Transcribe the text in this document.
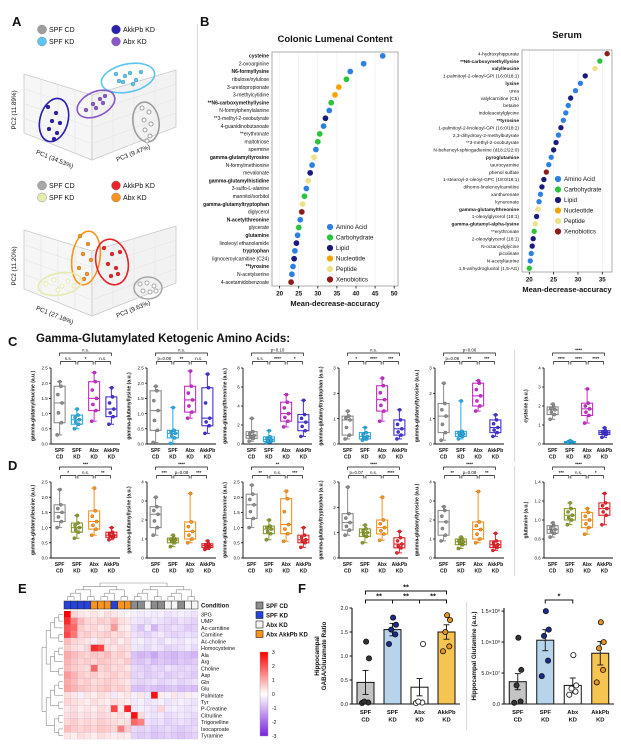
A	B
C
D
E	F
Gamma-Glutamylated Ketogenic Amino Acids:
SPF CD
SPF KD
AkkPb KD
Abx KD
PC2 (11.89%)
PC1 (34.53%)	PC3 (9.47%)
SPF CD
SPF KD
AkkPb KD
Abx KD
PC2 (11.20%)
PC1 (27.18%)	PC3 (9.63%)
Colonic Lumenal Content
20 25 30 35 40 45 50
Mean-decrease-accuracy
cysteine
2-oxoarginine
N6-formyllysine
ribulose/xylulose
3-ureidopropionate
3-methylcytidine
**N6-carboxymethyllysine
N-formylphenylalanine
**3-methyl-2-oxobutyrate
4-guanidinobutanoate
**erythronate
maltotriose
spermine
gamma-glutamyltyrosine
N-formylmethionine
mevalonate
gamma-glutamylhistidine
3-sulfo-L-alanine
mannitol/sorbitol
gamma-glutamyltryptophan
diglycerol
N-acetylthreonine
glycerate
glutamine
linoleoyl ethanolamide
tryptophan
lignoceroylcarnitine (C24)
**tyrosine
N-acetylserine
4-acetamidobenzoate
Amino Acid
Carbohydrate
Lipid
Nucleotide
Peptide
Xenobiotics
Serum
20	25	30	35
Mean-decrease-accuracy
4-hydroxyhippurate
**N6-carboxymethyllysine
valylleucine
1-palmitoyl-2-oleoyl-GPI (16:0/18:1)
lysine
urea
valylcarnitine (C5)
betaine
indoleacetylglycine
**tyrosine
1-palmitoyl-2-linoleoyl-GPI (16:0/18:2)
2,3-dihydroxy-2-methylbutyrate
**3-methyl-2-oxobutyrate
N-behenoyl-sphingadienine (d18:2/22:0)
pyroglutamine
taurocyamine
phenol sulfate
1-stearoyl-2-oleoyl-GPC (18:0/18:1)
dihomo-linolenoylcarnitine
xanthurenate
kynurenate
gamma-glutamylthreonine
1-oleoylglycerol (18:1)
gamma-glutamyl-alpha-lysine
**erythronate
2-oleoylglycerol (18:1)
N-octanoylglycine
picolinate
N-acetyltaurine
1,5-anhydroglucitol (1,5-AG)
Amino Acid
Carbohydrate
Lipid
Nucleotide
Peptide
Xenobiotics
Condition
3PG
UMP
Ac-carnitine
Carnitine
Ac-choline
Homocysteine
Ala
Arg
Choline
Asp
Gln
Glu
Palmitate
Tyr
P-Creatine
Citrulline
Trigonelline
Isocaproate
Tyramine
SPF CD
SPF KD
Abx KD
Abx AkkPb KD
3
2
1
0
-1
-2
-3
0.0
0.5
1.0
1.5
2.0
Hippocampal GABA/Glutamate Ratio
SPF
CD
SPF
KD
Abx
KD
AkkPb
KD
**
**	**	**
0.0
5.0×10⁷
1.0×10⁸
1.5×10⁸
Hippocampal Glutamine (a.u.)
SPF
CD
SPF
KD
Abx
KD
AkkPb
KD
*
0.0
0.5
1.0
1.5
2.0
2.5
gamma-glutamylleucine (a.u.)
SPF
CD
SPF
KD
Abx
KD
AkkPb
KD
n.s.	*	n.s.
n.s.
0.0
0.5
1.0
1.5
2.0
2.5
gamma-glutamyllysine (a.u.)
SPF
CD
SPF
KD
Abx
KD
AkkPb
KD
p=0.08 **	n.s.
n.s.
0
2
4
6
8
gamma-glutamylthreonine (a.u.)
SPF
CD
SPF
KD
Abx
KD
AkkPb
KD
n.s. ****	*
p=0.10
0
1
2
3
gamma-glutamyltryptophan (a.u.)
SPF
CD
SPF
KD
Abx
KD
AkkPb
KD
*	****	***
n.s.
0
1
2
3
gamma-glutamyltyrosine (a.u.)
SPF
CD
SPF
KD
Abx
KD
AkkPb
KD
p=0.09 **	***
p=0.06
0
1
2
3
4
cysteine (a.u.)
SPF
CD
SPF
KD
Abx
KD
AkkPb
KD
**** **** ****
****
0.0
0.5
1.0
1.5
2.0
2.5
gamma-glutamylleucine (a.u.)
SPF
CD
SPF
KD
Abx
KD
AkkPb
KD
*	n.s.	**
***
0
1
2
3
4
gamma-glutamyllysine (a.u.)
SPF
CD
SPF
KD
Abx
KD
AkkPb
KD
*** p=0.08 ***
****
0.0
0.5
1.0
1.5
2.0
2.5
gamma-glutamylthreonine (a.u.)
SPF
CD
SPF
KD
Abx
KD
AkkPb
KD
**	n.s.	***
**
0
1
2
3
gamma-glutamyltryptophan (a.u.)
SPF
CD
SPF
KD
Abx
KD
AkkPb
KD
p=0.07 n.s. ****
****
0
1
2
3
4
gamma-glutamyltyrosine (a.u.)
SPF
CD
SPF
KD
Abx
KD
AkkPb
KD
** p=0.08 **
****
0.6
0.8
1.0
1.2
1.4
glutamine (a.u.)
SPF
CD
SPF
KD
Abx
KD
AkkPb
KD
***	n.s.	*
****
